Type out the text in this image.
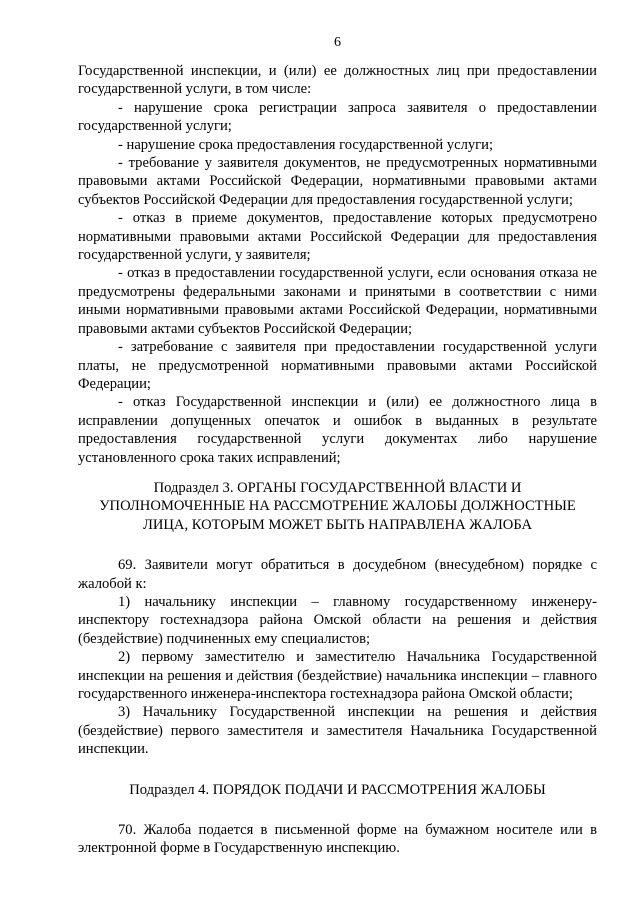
6

Государственной инспекции, и (или) ее должностных лиц при предоставлении государственной услуги, в том числе:

- нарушение срока регистрации запроса заявителя о предоставлении государственной услуги;

- нарушение срока предоставления государственной услуги;

- требование у заявителя документов, не предусмотренных нормативными правовыми актами Российской Федерации, нормативными правовыми актами субъектов Российской Федерации для предоставления государственной услуги;

- отказ в приеме документов, предоставление которых предусмотрено нормативными правовыми актами Российской Федерации для предоставления государственной услуги, у заявителя;

- отказ в предоставлении государственной услуги, если основания отказа не предусмотрены федеральными законами и принятыми в соответствии с ними иными нормативными правовыми актами Российской Федерации, нормативными правовыми актами субъектов Российской Федерации;

- затребование с заявителя при предоставлении государственной услуги платы, не предусмотренной нормативными правовыми актами Российской Федерации;

- отказ Государственной инспекции и (или) ее должностного лица в исправлении допущенных опечаток и ошибок в выданных в результате предоставления государственной услуги документах либо нарушение установленного срока таких исправлений;

Подраздел 3. ОРГАНЫ ГОСУДАРСТВЕННОЙ ВЛАСТИ И
УПОЛНОМОЧЕННЫЕ НА РАССМОТРЕНИЕ ЖАЛОБЫ ДОЛЖНОСТНЫЕ
ЛИЦА, КОТОРЫМ МОЖЕТ БЫТЬ НАПРАВЛЕНА ЖАЛОБА

69. Заявители могут обратиться в досудебном (внесудебном) порядке с жалобой к:

1) начальнику инспекции – главному государственному инженеру-инспектору гостехнадзора района Омской области на решения и действия (бездействие) подчиненных ему специалистов;

2) первому заместителю и заместителю Начальника Государственной инспекции на решения и действия (бездействие) начальника инспекции – главного государственного инженера-инспектора гостехнадзора района Омской области;

3) Начальнику Государственной инспекции на решения и действия (бездействие) первого заместителя и заместителя Начальника Государственной инспекции.

Подраздел 4. ПОРЯДОК ПОДАЧИ И РАССМОТРЕНИЯ ЖАЛОБЫ

70. Жалоба подается в письменной форме на бумажном носителе или в электронной форме в Государственную инспекцию.
